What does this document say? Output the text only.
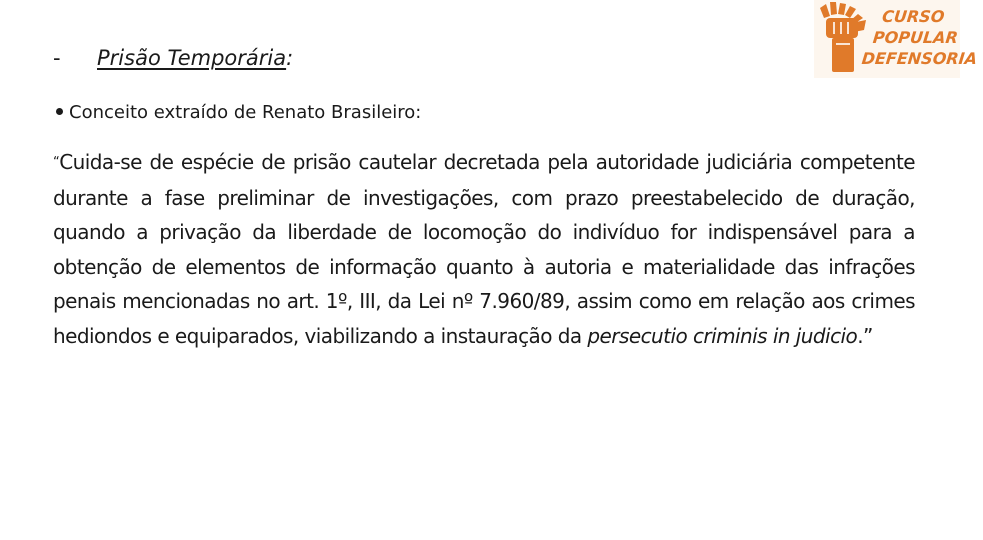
- Prisão Temporária:
CURSO
POPULAR
DEFENSORIA
Conceito extraído de Renato Brasileiro:
“Cuida-se de espécie de prisão cautelar decretada pela autoridade judiciária competente durante a fase preliminar de investigações, com prazo preestabelecido de duração, quando a privação da liberdade de locomoção do indivíduo for indispensável para a obtenção de elementos de informação quanto à autoria e materialidade das infrações penais mencionadas no art. 1º, III, da Lei nº 7.960/89, assim como em relação aos crimes hediondos e equiparados, viabilizando a instauração da persecutio criminis in judicio.”
